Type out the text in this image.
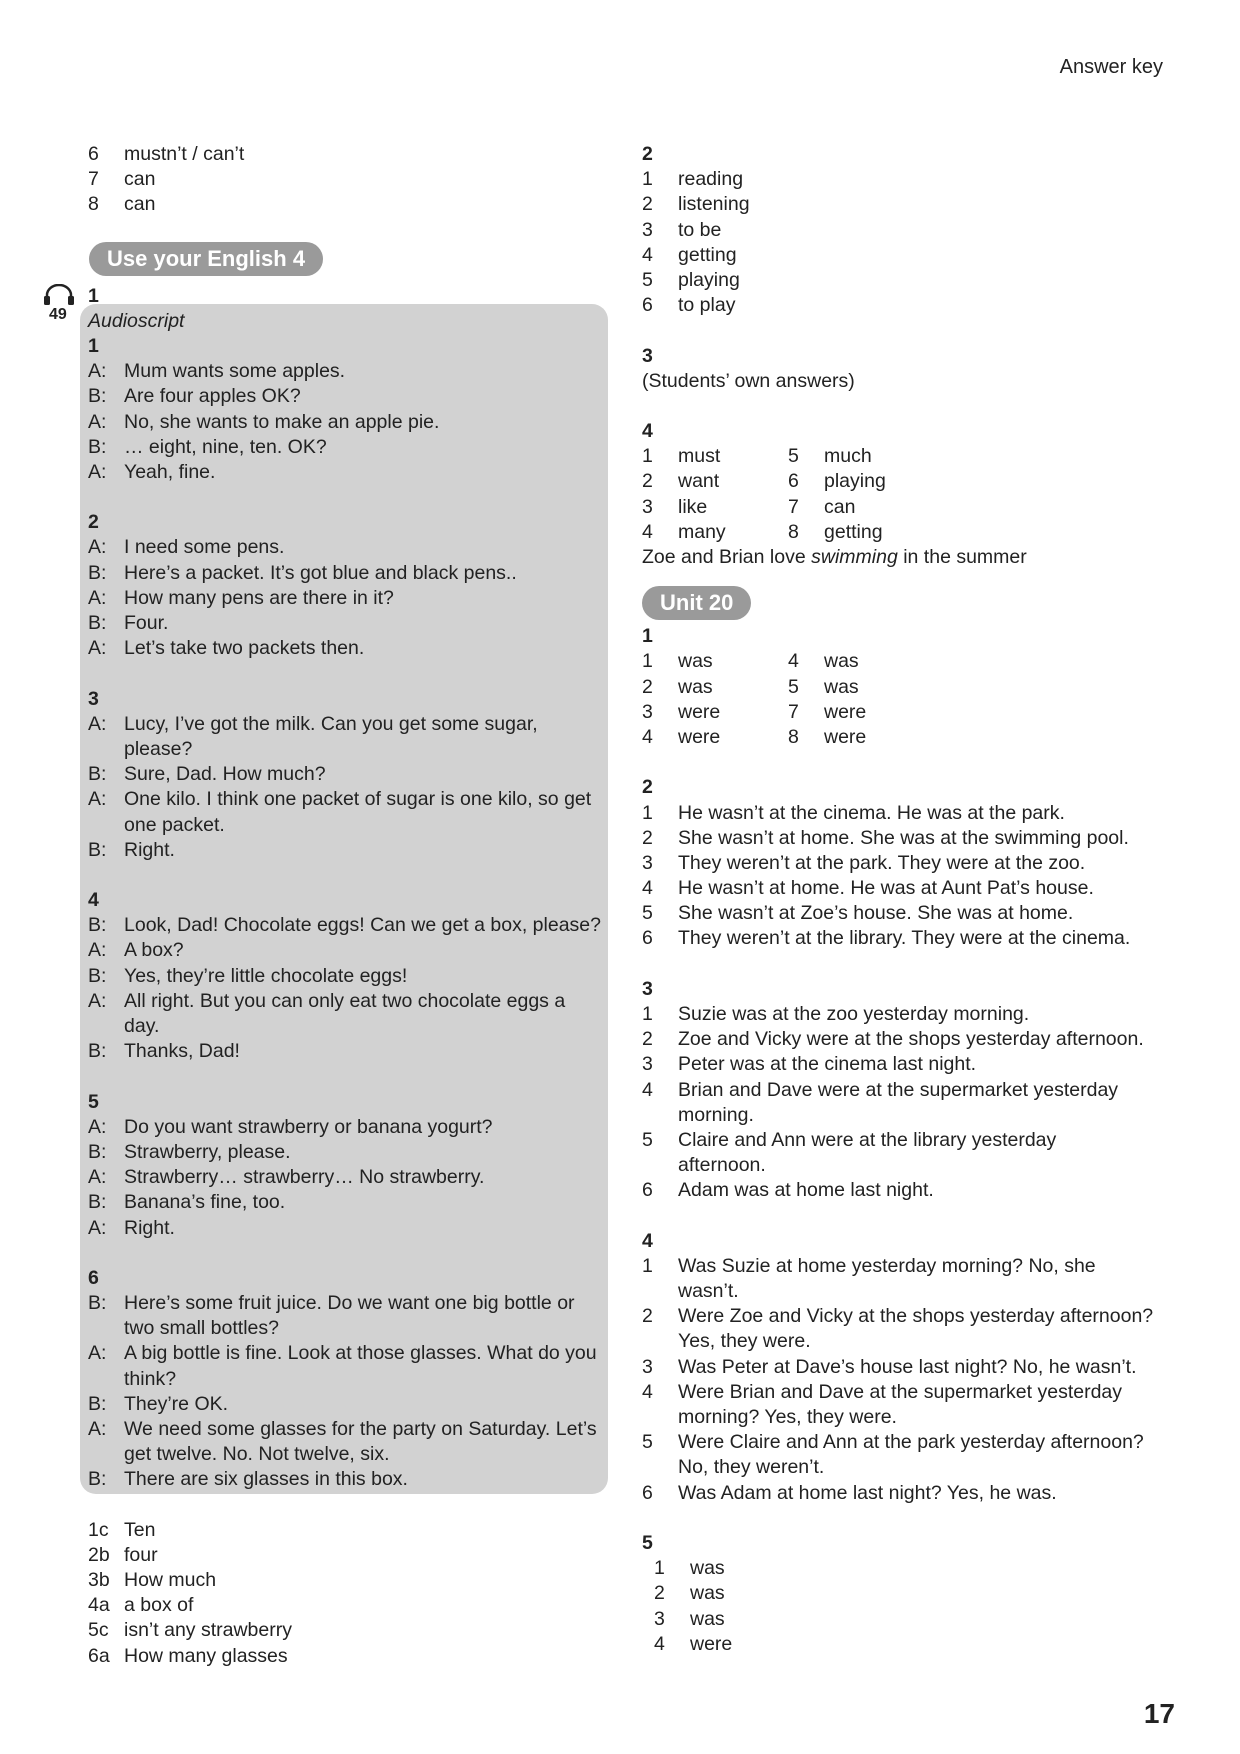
Answer key
49
6 mustn’t / can’t
7 can
8 can
Use your English 4
1
Audioscript
1
A: Mum wants some apples.
B: Are four apples OK?
A: No, she wants to make an apple pie.
B: … eight, nine, ten. OK?
A: Yeah, fine.
2
A: I need some pens.
B: Here’s a packet. It’s got blue and black pens..
A: How many pens are there in it?
B: Four.
A: Let’s take two packets then.
3
A: Lucy, I’ve got the milk. Can you get some sugar,
please?
B: Sure, Dad. How much?
A: One kilo. I think one packet of sugar is one kilo, so get
one packet.
B: Right.
4
B: Look, Dad! Chocolate eggs! Can we get a box, please?
A: A box?
B: Yes, they’re little chocolate eggs!
A: All right. But you can only eat two chocolate eggs a
day.
B: Thanks, Dad!
5
A: Do you want strawberry or banana yogurt?
B: Strawberry, please.
A: Strawberry… strawberry… No strawberry.
B: Banana’s fine, too.
A: Right.
6
B: Here’s some fruit juice. Do we want one big bottle or
two small bottles?
A: A big bottle is fine. Look at those glasses. What do you
think?
B: They’re OK.
A: We need some glasses for the party on Saturday. Let’s
get twelve. No. Not twelve, six.
B: There are six glasses in this box.
1c Ten
2b four
3b How much
4a a box of
5c isn’t any strawberry
6a How many glasses
2
1 reading
2 listening
3 to be
4 getting
5 playing
6 to play
3
(Students’ own answers)
4
1 must	5 much
2 want	6 playing
3 like	7 can
4 many	8 getting
Zoe and Brian love swimming in the summer
Unit 20
1
1 was	4 was
2 was	5 was
3 were	7 were
4 were	8 were
2
1 He wasn’t at the cinema. He was at the park.
2 She wasn’t at home. She was at the swimming pool.
3 They weren’t at the park. They were at the zoo.
4 He wasn’t at home. He was at Aunt Pat’s house.
5 She wasn’t at Zoe’s house. She was at home.
6 They weren’t at the library. They were at the cinema.
3
1 Suzie was at the zoo yesterday morning.
2 Zoe and Vicky were at the shops yesterday afternoon.
3 Peter was at the cinema last night.
4 Brian and Dave were at the supermarket yesterday
morning.
5 Claire and Ann were at the library yesterday
afternoon.
6 Adam was at home last night.
4
1 Was Suzie at home yesterday morning? No, she
wasn’t.
2 Were Zoe and Vicky at the shops yesterday afternoon?
Yes, they were.
3 Was Peter at Dave’s house last night? No, he wasn’t.
4 Were Brian and Dave at the supermarket yesterday
morning? Yes, they were.
5 Were Claire and Ann at the park yesterday afternoon?
No, they weren’t.
6 Was Adam at home last night? Yes, he was.
5
1 was
2 was
3 was
4 were
17
